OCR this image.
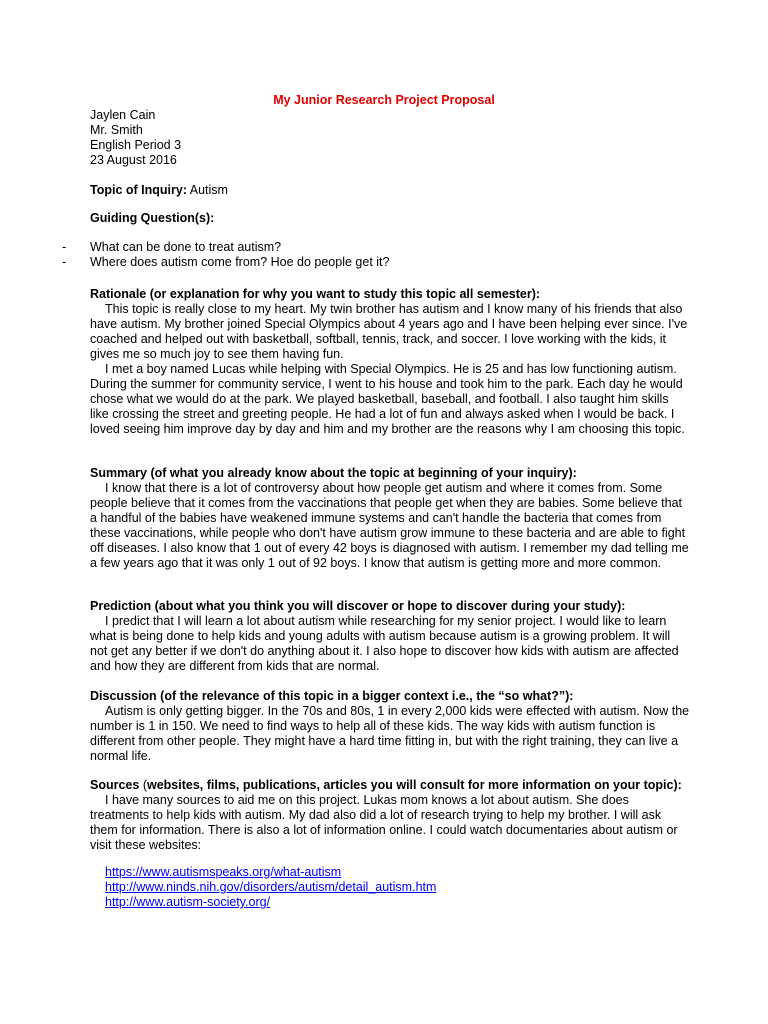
My Junior Research Project Proposal
Jaylen Cain
Mr. Smith
English Period 3
23 August 2016
Topic of Inquiry: Autism
Guiding Question(s):
- What can be done to treat autism?
- Where does autism come from? Hoe do people get it?
Rationale (or explanation for why you want to study this topic all semester):

This topic is really close to my heart. My twin brother has autism and I know many of his friends that also have autism. My brother joined Special Olympics about 4 years ago and I have been helping ever since. I've coached and helped out with basketball, softball, tennis, track, and soccer. I love working with the kids, it gives me so much joy to see them having fun.

I met a boy named Lucas while helping with Special Olympics. He is 25 and has low functioning autism. During the summer for community service, I went to his house and took him to the park. Each day he would chose what we would do at the park. We played basketball, baseball, and football. I also taught him skills like crossing the street and greeting people. He had a lot of fun and always asked when I would be back. I loved seeing him improve day by day and him and my brother are the reasons why I am choosing this topic.

Summary (of what you already know about the topic at beginning of your inquiry):

I know that there is a lot of controversy about how people get autism and where it comes from. Some people believe that it comes from the vaccinations that people get when they are babies. Some believe that a handful of the babies have weakened immune systems and can't handle the bacteria that comes from these vaccinations, while people who don't have autism grow immune to these bacteria and are able to fight off diseases. I also know that 1 out of every 42 boys is diagnosed with autism. I remember my dad telling me a few years ago that it was only 1 out of 92 boys. I know that autism is getting more and more common.

Prediction (about what you think you will discover or hope to discover during your study):

I predict that I will learn a lot about autism while researching for my senior project. I would like to learn what is being done to help kids and young adults with autism because autism is a growing problem. It will not get any better if we don't do anything about it. I also hope to discover how kids with autism are affected and how they are different from kids that are normal.

Discussion (of the relevance of this topic in a bigger context i.e., the “so what?”):

Autism is only getting bigger. In the 70s and 80s, 1 in every 2,000 kids were effected with autism. Now the number is 1 in 150. We need to find ways to help all of these kids. The way kids with autism function is different from other people. They might have a hard time fitting in, but with the right training, they can live a normal life.

Sources (websites, films, publications, articles you will consult for more information on your topic):

I have many sources to aid me on this project. Lukas mom knows a lot about autism. She does treatments to help kids with autism. My dad also did a lot of research trying to help my brother. I will ask them for information. There is also a lot of information online. I could watch documentaries about autism or visit these websites:

https://www.autismspeaks.org/what-autism
http://www.ninds.nih.gov/disorders/autism/detail_autism.htm
http://www.autism-society.org/
